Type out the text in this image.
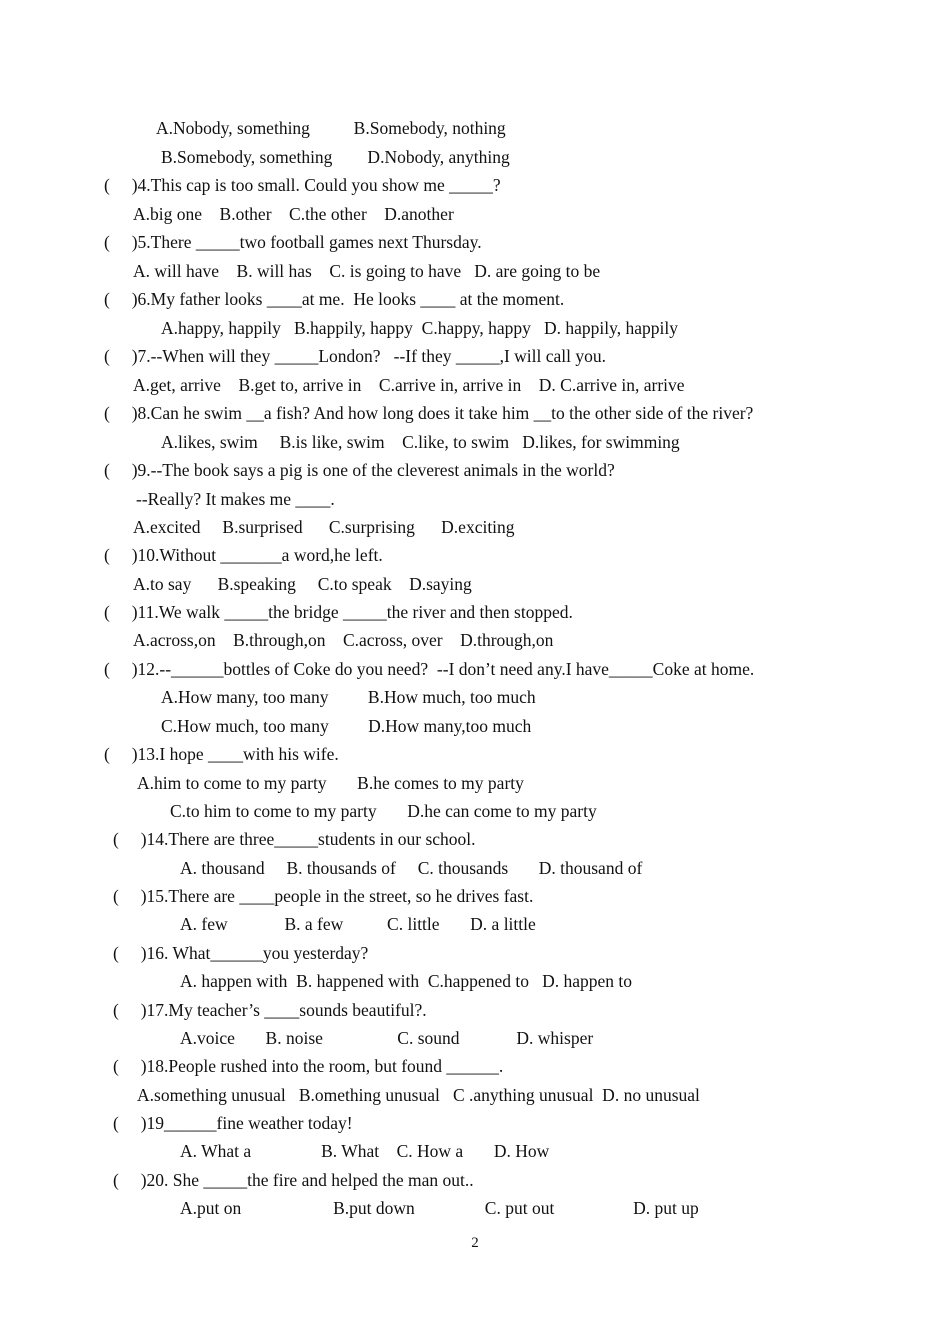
A.Nobody, something          B.Somebody, nothing
B.Somebody, something        D.Nobody, anything
(     )4.This cap is too small. Could you show me _____?
A.big one    B.other    C.the other    D.another
(     )5.There _____two football games next Thursday.
A. will have    B. will has    C. is going to have   D. are going to be
(     )6.My father looks ____at me.  He looks ____ at the moment.
A.happy, happily   B.happily, happy  C.happy, happy   D. happily, happily
(     )7.--When will they _____London?   --If they _____,I will call you.
A.get, arrive    B.get to, arrive in    C.arrive in, arrive in    D. C.arrive in, arrive
(     )8.Can he swim __a fish? And how long does it take him __to the other side of the river?
A.likes, swim     B.is like, swim    C.like, to swim   D.likes, for swimming
(     )9.--The book says a pig is one of the cleverest animals in the world?
--Really? It makes me ____.
A.excited     B.surprised      C.surprising      D.exciting
(     )10.Without _______a word,he left.
A.to say      B.speaking     C.to speak    D.saying
(     )11.We walk _____the bridge _____the river and then stopped.
A.across,on    B.through,on    C.across, over    D.through,on
(     )12.--______bottles of Coke do you need?  --I don’t need any.I have_____Coke at home.
A.How many, too many         B.How much, too much
C.How much, too many         D.How many,too much
(     )13.I hope ____with his wife.
A.him to come to my party       B.he comes to my party
C.to him to come to my party       D.he can come to my party
(     )14.There are three_____students in our school.
A. thousand     B. thousands of     C. thousands       D. thousand of
(     )15.There are ____people in the street, so he drives fast.
A. few             B. a few          C. little       D. a little
(     )16. What______you yesterday?
A. happen with  B. happened with  C.happened to   D. happen to
(     )17.My teacher’s ____sounds beautiful?.
A.voice       B. noise                 C. sound             D. whisper
(     )18.People rushed into the room, but found ______.
A.something unusual   B.omething unusual   C .anything unusual  D. no unusual
(     )19______fine weather today!
A. What a                B. What    C. How a       D. How
(     )20. She _____the fire and helped the man out..
A.put on                     B.put down                C. put out                  D. put up
2
